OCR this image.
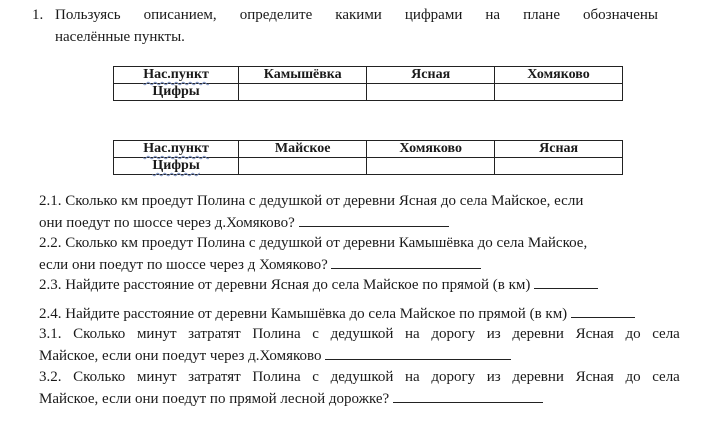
1. Пользуясь описанием, определите какими цифрами на плане обозначены
населённые пункты.
Нас.пункт	Камышёвка	Ясная	Хомяково
Цифры			
Нас.пункт	Майское	Хомяково	Ясная
Цифры			
2.1. Сколько км проедут Полина с дедушкой от деревни Ясная до села Майское, если
они поедут по шоссе через д.Хомяково?
2.2. Сколько км проедут Полина с дедушкой от деревни Камышёвка до села Майское,
если они поедут по шоссе через д Хомяково?
2.3. Найдите расстояние от деревни Ясная до села Майское по прямой (в км)
2.4. Найдите расстояние от деревни Камышёвка до села Майское по прямой (в км)
3.1. Сколько минут затратят Полина с дедушкой на дорогу из деревни Ясная до села
Майское, если они поедут через д.Хомяково
3.2. Сколько минут затратят Полина с дедушкой на дорогу из деревни Ясная до села
Майское, если они поедут по прямой лесной дорожке?
